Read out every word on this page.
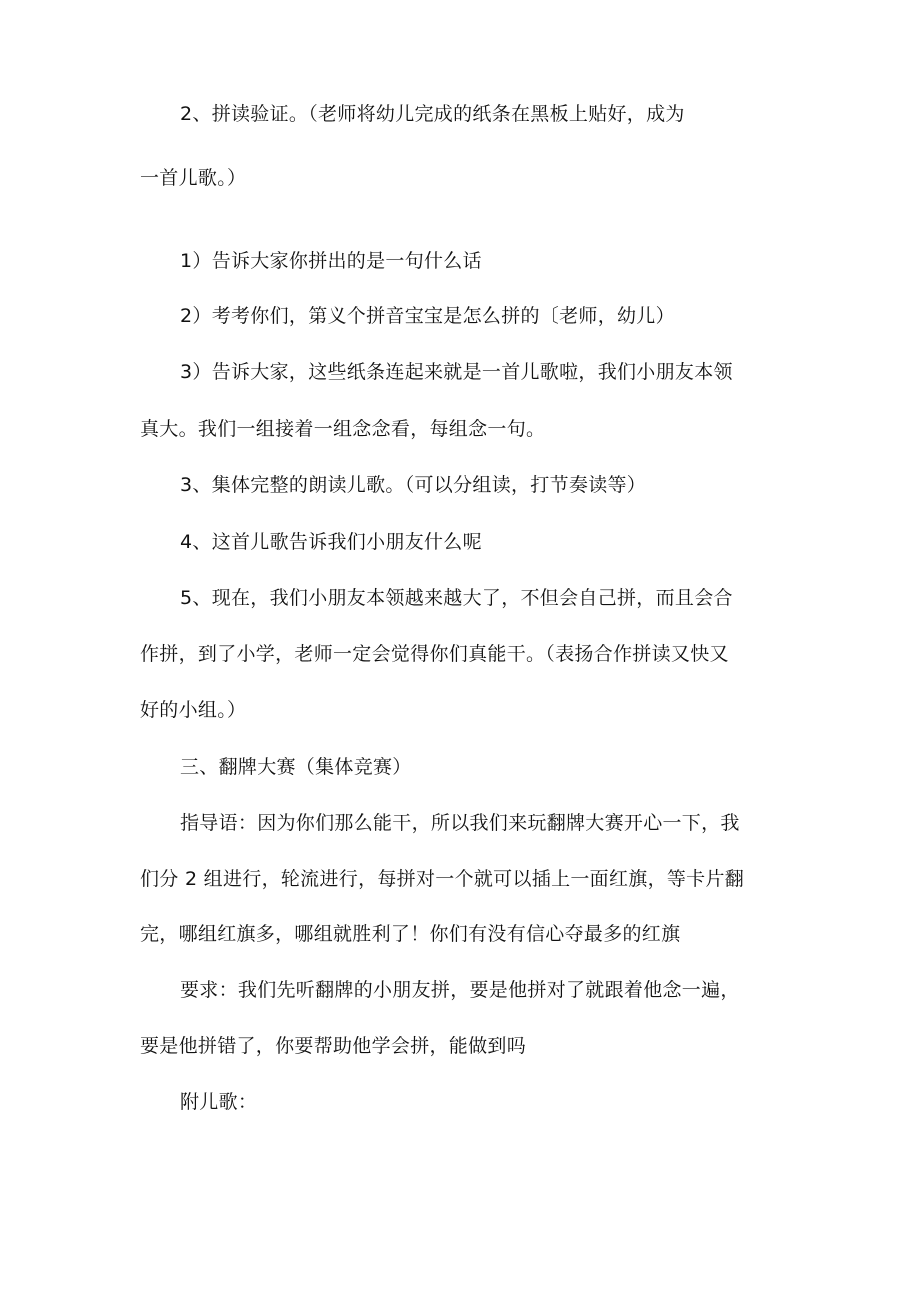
2、拼读验证。（老师将幼儿完成的纸条在黑板上贴好，成为
一首儿歌。）
1）告诉大家你拼出的是一句什么话
2）考考你们，第义个拼音宝宝是怎么拼的〔老师，幼儿）
3）告诉大家，这些纸条连起来就是一首儿歌啦，我们小朋友本领
真大。我们一组接着一组念念看，每组念一句。
3、集体完整的朗读儿歌。（可以分组读，打节奏读等）
4、这首儿歌告诉我们小朋友什么呢
5、现在，我们小朋友本领越来越大了，不但会自己拼，而且会合
作拼，到了小学，老师一定会觉得你们真能干。（表扬合作拼读又快又
好的小组。）
三、翻牌大赛（集体竞赛）
指导语：因为你们那么能干，所以我们来玩翻牌大赛开心一下，我
们分 2 组进行，轮流进行，每拼对一个就可以插上一面红旗，等卡片翻
完，哪组红旗多，哪组就胜利了！你们有没有信心夺最多的红旗
要求：我们先听翻牌的小朋友拼，要是他拼对了就跟着他念一遍，
要是他拼错了，你要帮助他学会拼，能做到吗
附儿歌：
